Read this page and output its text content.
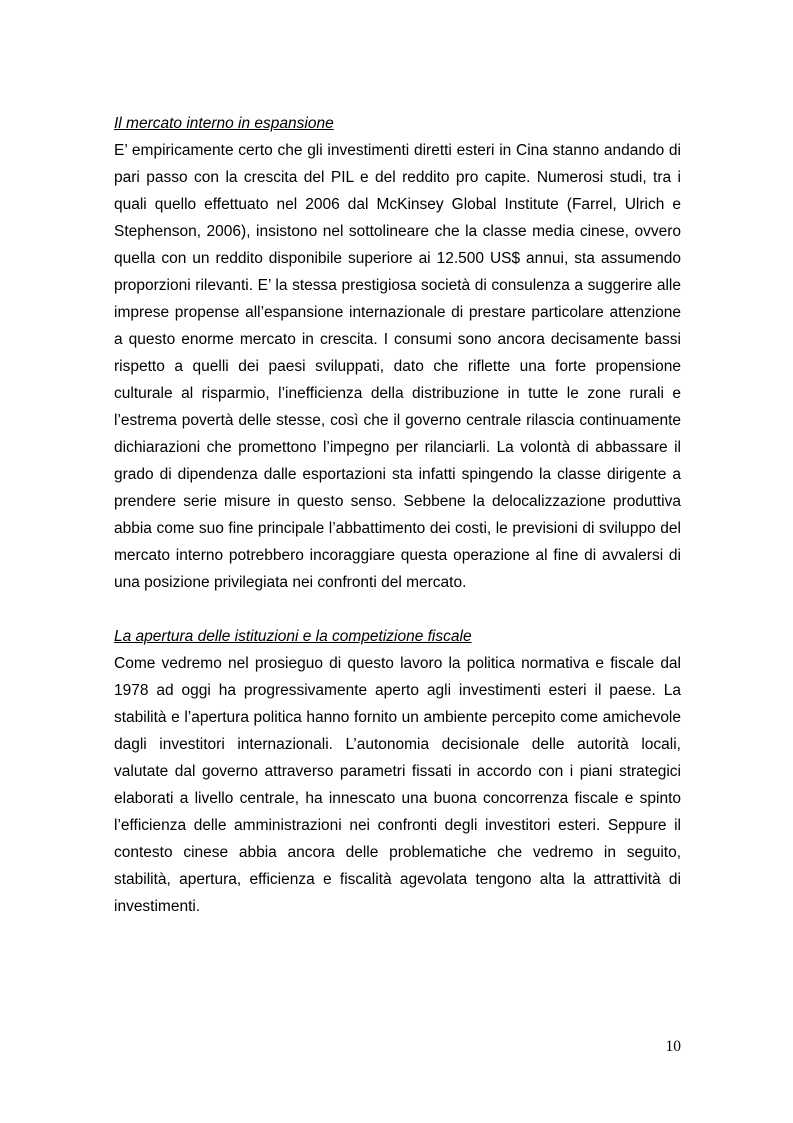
Il mercato interno in espansione

E’ empiricamente certo che gli investimenti diretti esteri in Cina stanno andando di pari passo con la crescita del PIL e del reddito pro capite. Numerosi studi, tra i quali quello effettuato nel 2006 dal McKinsey Global Institute (Farrel, Ulrich e Stephenson, 2006), insistono nel sottolineare che la classe media cinese, ovvero quella con un reddito disponibile superiore ai 12.500 US$ annui, sta assumendo proporzioni rilevanti. E’ la stessa prestigiosa società di consulenza a suggerire alle imprese propense all’espansione internazionale di prestare particolare attenzione a questo enorme mercato in crescita. I consumi sono ancora decisamente bassi rispetto a quelli dei paesi sviluppati, dato che riflette una forte propensione culturale al risparmio, l’inefficienza della distribuzione in tutte le zone rurali e l’estrema povertà delle stesse, così che il governo centrale rilascia continuamente dichiarazioni che promettono l’impegno per rilanciarli. La volontà di abbassare il grado di dipendenza dalle esportazioni sta infatti spingendo la classe dirigente a prendere serie misure in questo senso. Sebbene la delocalizzazione produttiva abbia come suo fine principale l’abbattimento dei costi, le previsioni di sviluppo del mercato interno potrebbero incoraggiare questa operazione al fine di avvalersi di una posizione privilegiata nei confronti del mercato.

La apertura delle istituzioni e la competizione fiscale

Come vedremo nel prosieguo di questo lavoro la politica normativa e fiscale dal 1978 ad oggi ha progressivamente aperto agli investimenti esteri il paese. La stabilità e l’apertura politica hanno fornito un ambiente percepito come amichevole dagli investitori internazionali. L’autonomia decisionale delle autorità locali, valutate dal governo attraverso parametri fissati in accordo con i piani strategici elaborati a livello centrale, ha innescato una buona concorrenza fiscale e spinto l’efficienza delle amministrazioni nei confronti degli investitori esteri. Seppure il contesto cinese abbia ancora delle problematiche che vedremo in seguito, stabilità, apertura, efficienza e fiscalità agevolata tengono alta la attrattività di investimenti.

10
